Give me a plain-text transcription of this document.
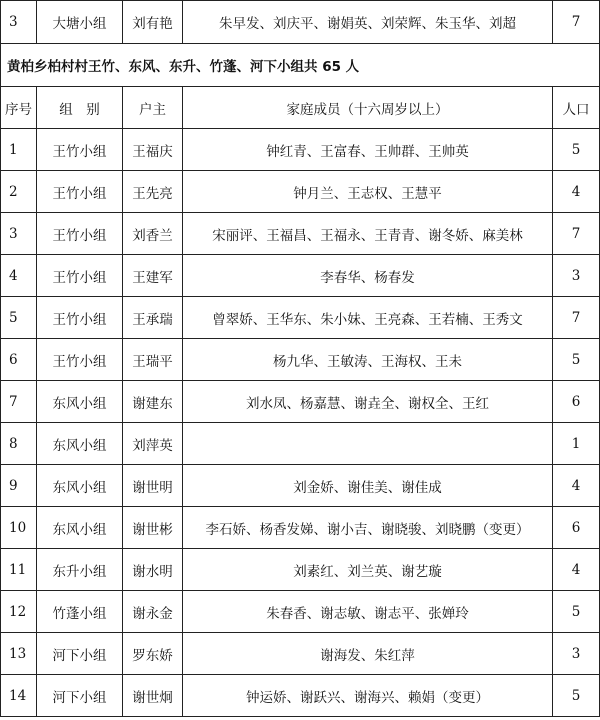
3	大塘小组	刘有艳	朱早发、刘庆平、谢娟英、刘荣辉、朱玉华、刘超	7
黄柏乡柏村村王竹、东风、东升、竹蓬、河下小组共 65 人				
序号	组　别	户主	家庭成员（十六周岁以上）	人口
1	王竹小组	王福庆	钟红青、王富春、王帅群、王帅英	5
2	王竹小组	王先亮	钟月兰、王志权、王慧平	4
3	王竹小组	刘香兰	宋丽评、王福昌、王福永、王青青、谢冬娇、麻美林	7
4	王竹小组	王建军	李春华、杨春发	3
5	王竹小组	王承瑞	曾翠娇、王华东、朱小妹、王亮森、王若楠、王秀文	7
6	王竹小组	王瑞平	杨九华、王敏涛、王海权、王未	5
7	东风小组	谢建东	刘水凤、杨嘉慧、谢垚全、谢权全、王红	6
8	东风小组	刘萍英		1
9	东风小组	谢世明	刘金娇、谢佳美、谢佳成	4
10	东风小组	谢世彬	李石娇、杨香发娣、谢小吉、谢晓骏、刘晓鹏（变更）	6
11	东升小组	谢水明	刘素红、刘兰英、谢艺璇	4
12	竹蓬小组	谢永金	朱春香、谢志敏、谢志平、张婵玲	5
13	河下小组	罗东娇	谢海发、朱红萍	3
14	河下小组	谢世炯	钟运娇、谢跃兴、谢海兴、赖娟（变更）	5
